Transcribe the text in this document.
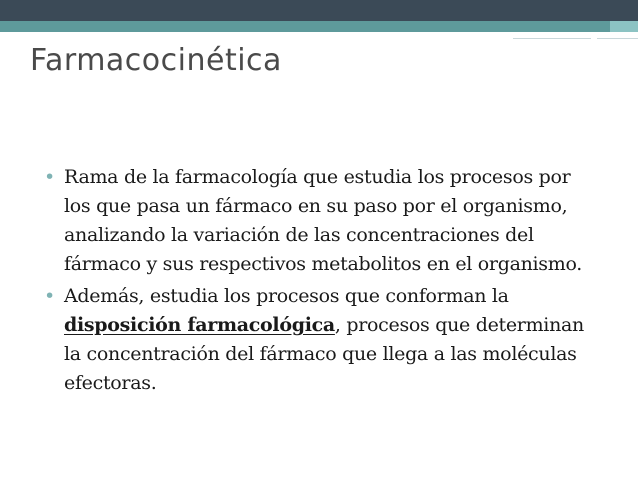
Farmacocinética
• Rama de la farmacología que estudia los procesos por los que pasa un fármaco en su paso por el organismo, analizando la variación de las concentraciones del fármaco y sus respectivos metabolitos en el organismo.
• Además, estudia los procesos que conforman la disposición farmacológica, procesos que determinan la concentración del fármaco que llega a las moléculas efectoras.
